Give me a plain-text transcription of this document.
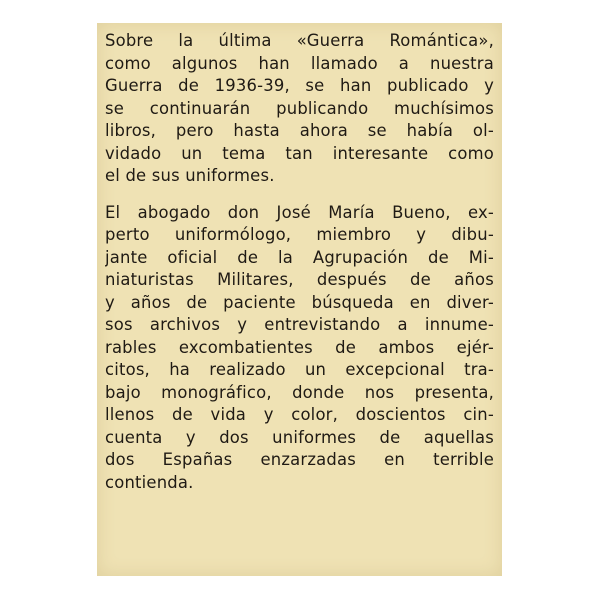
Sobre la última «Guerra Romántica»,
como algunos han llamado a nuestra
Guerra de 1936-39, se han publicado y
se continuarán publicando muchísimos
libros, pero hasta ahora se había ol-
vidado un tema tan interesante como
el de sus uniformes.
El abogado don José María Bueno, ex-
perto uniformólogo, miembro y dibu-
jante oficial de la Agrupación de Mi-
niaturistas Militares, después de años
y años de paciente búsqueda en diver-
sos archivos y entrevistando a innume-
rables excombatientes de ambos ejér-
citos, ha realizado un excepcional tra-
bajo monográfico, donde nos presenta,
llenos de vida y color, doscientos cin-
cuenta y dos uniformes de aquellas
dos Españas enzarzadas en terrible
contienda.
